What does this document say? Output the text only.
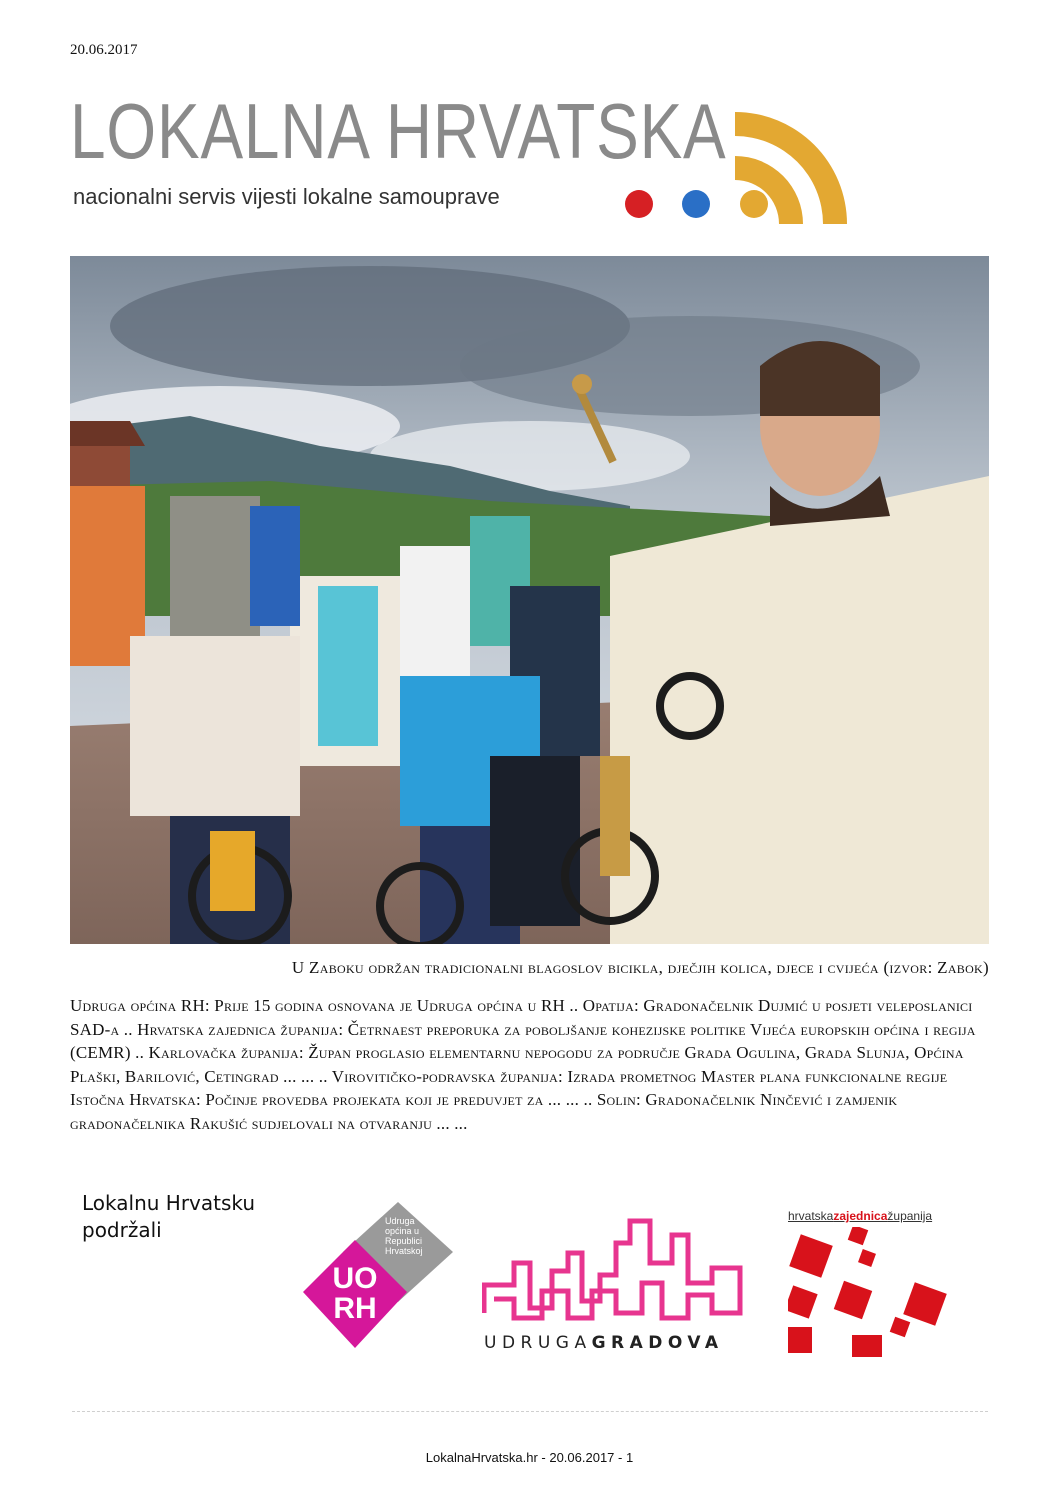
20.06.2017
LOKALNA HRVATSKA
nacionalni servis vijesti lokalne samouprave
U Zaboku održan tradicionalni blagoslov bicikla, dječjih kolica, djece i cvijeća (izvor: Zabok)
Udruga općina RH: Prije 15 godina osnovana je Udruga općina u RH .. Opatija: Gradonačelnik Dujmić u posjeti veleposlanici SAD-a .. Hrvatska zajednica županija: Četrnaest preporuka za poboljšanje kohezijske politike Vijeća europskih općina i regija (CEMR) .. Karlovačka županija: Župan proglasio elementarnu nepogodu za područje Grada Ogulina, Grada Slunja, Općina Plaški, Barilović, Cetingrad ... ... .. Virovitičko-podravska županija: Izrada prometnog Master plana funkcionalne regije Istočna Hrvatska: Počinje provedba projekata koji je preduvjet za ... ... .. Solin: Gradonačelnik Ninčević i zamjenik gradonačelnika Rakušić sudjelovali na otvaranju ... ...
Lokalnu Hrvatsku
podržali
UO
RH
Udruga
općina u
Republici
Hrvatskoj
UDRUGAGRADOVA
hrvatskazajednicažupanija
LokalnaHrvatska.hr - 20.06.2017 - 1
